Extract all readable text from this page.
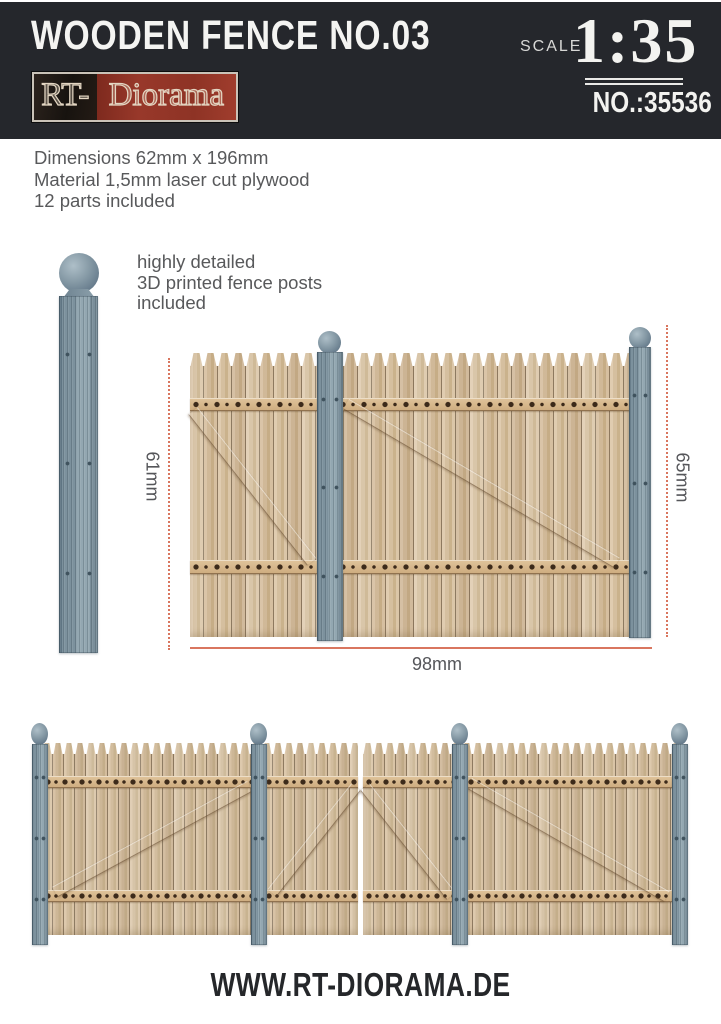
WOODEN FENCE NO.03
RT- Diorama
SCALE
1:35
NO.:35536

Dimensions 62mm x 196mm

Material 1,5mm laser cut plywood

12 parts included

highly detailed

3D printed fence posts

included

61mm	65mm
98mm

WWW.RT-DIORAMA.DE
